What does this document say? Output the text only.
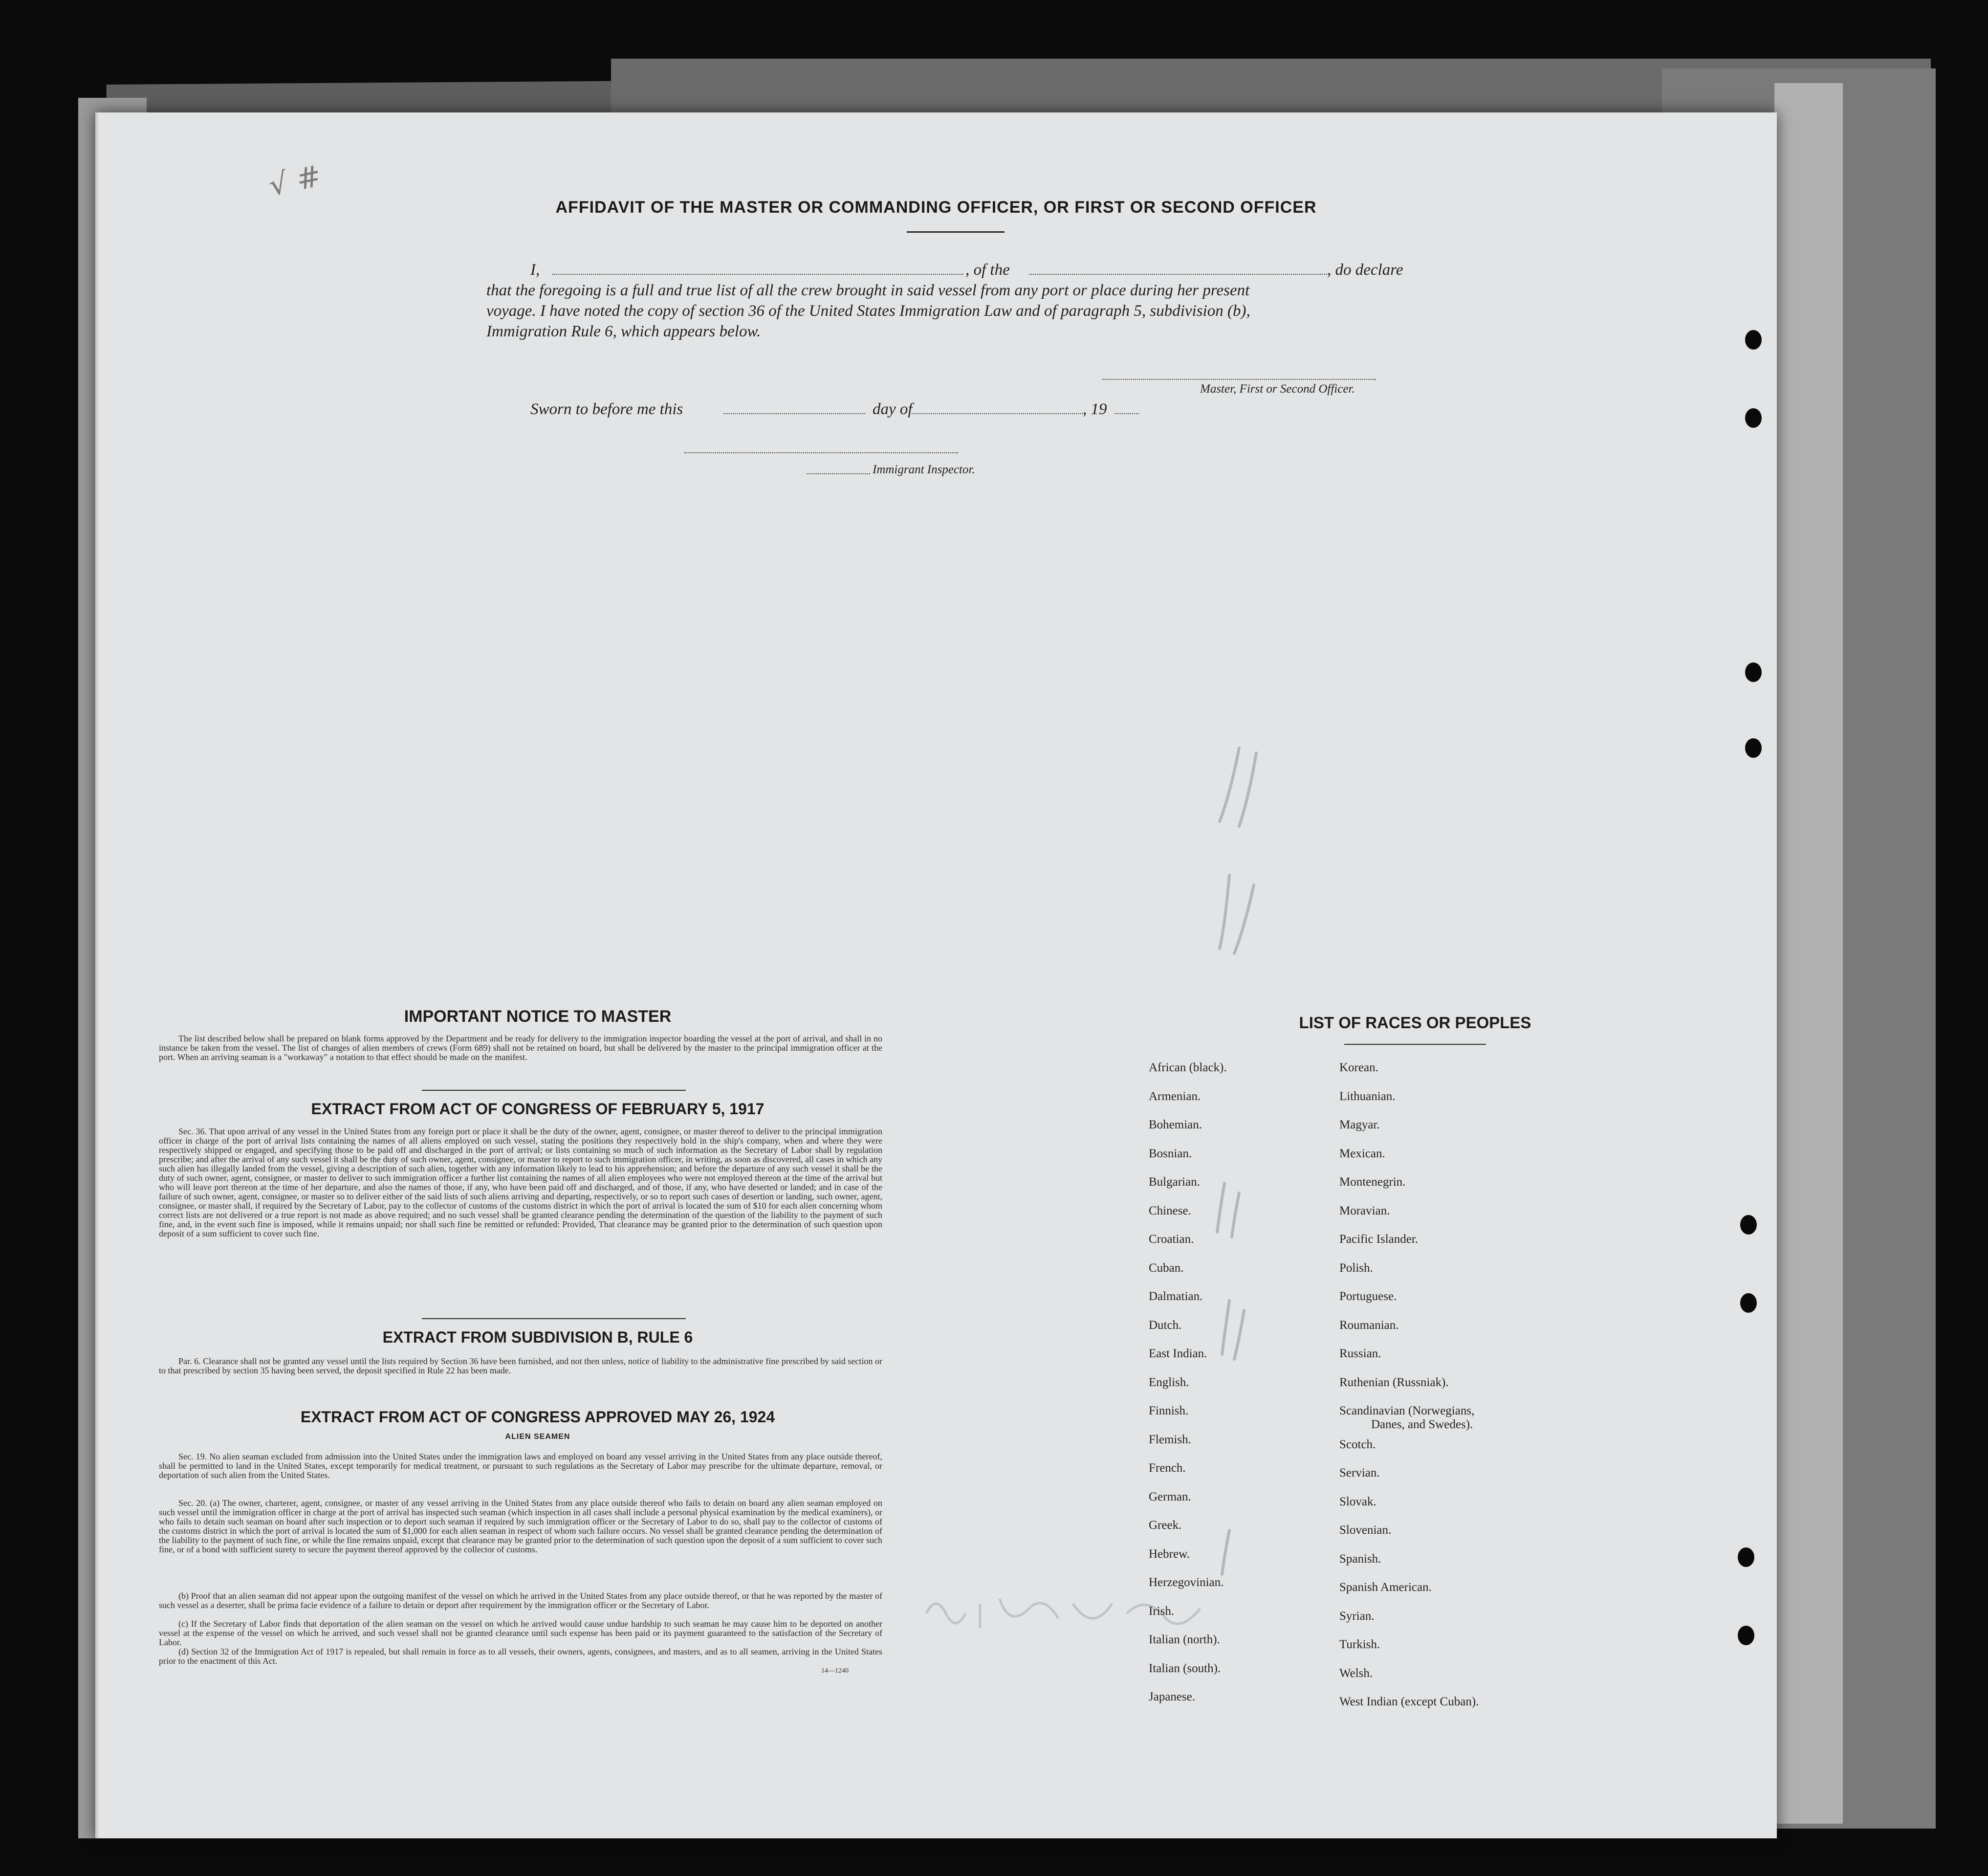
√ #
AFFIDAVIT OF THE MASTER OR COMMANDING OFFICER, OR FIRST OR SECOND OFFICER
I,	, of the	, do declare
that the foregoing is a full and true list of all the crew brought in said vessel from any port or place during her present
voyage. I have noted the copy of section 36 of the United States Immigration Law and of paragraph 5, subdivision (b),
Immigration Rule 6, which appears below.
Master, First or Second Officer.
Sworn to before me this	day of	, 19
Immigrant Inspector.
IMPORTANT NOTICE TO MASTER
The list described below shall be prepared on blank forms approved by the Department and be ready for delivery to the immigration inspector boarding the vessel at the port of arrival, and shall in no instance be taken from the vessel. The list of changes of alien members of crews (Form 689) shall not be retained on board, but shall be delivered by the master to the principal immigration officer at the port. When an arriving seaman is a "workaway" a notation to that effect should be made on the manifest.
EXTRACT FROM ACT OF CONGRESS OF FEBRUARY 5, 1917
Sec. 36. That upon arrival of any vessel in the United States from any foreign port or place it shall be the duty of the owner, agent, consignee, or master thereof to deliver to the principal immigration officer in charge of the port of arrival lists containing the names of all aliens employed on such vessel, stating the positions they respectively hold in the ship's company, when and where they were respectively shipped or engaged, and specifying those to be paid off and discharged in the port of arrival; or lists containing so much of such information as the Secretary of Labor shall by regulation prescribe; and after the arrival of any such vessel it shall be the duty of such owner, agent, consignee, or master to report to such immigration officer, in writing, as soon as discovered, all cases in which any such alien has illegally landed from the vessel, giving a description of such alien, together with any information likely to lead to his apprehension; and before the departure of any such vessel it shall be the duty of such owner, agent, consignee, or master to deliver to such immigration officer a further list containing the names of all alien employees who were not employed thereon at the time of the arrival but who will leave port thereon at the time of her departure, and also the names of those, if any, who have been paid off and discharged, and of those, if any, who have deserted or landed; and in case of the failure of such owner, agent, consignee, or master so to deliver either of the said lists of such aliens arriving and departing, respectively, or so to report such cases of desertion or landing, such owner, agent, consignee, or master shall, if required by the Secretary of Labor, pay to the collector of customs of the customs district in which the port of arrival is located the sum of $10 for each alien concerning whom correct lists are not delivered or a true report is not made as above required; and no such vessel shall be granted clearance pending the determination of the question of the liability to the payment of such fine, and, in the event such fine is imposed, while it remains unpaid; nor shall such fine be remitted or refunded: Provided, That clearance may be granted prior to the determination of such question upon deposit of a sum sufficient to cover such fine.
EXTRACT FROM SUBDIVISION B, RULE 6
Par. 6. Clearance shall not be granted any vessel until the lists required by Section 36 have been furnished, and not then unless, notice of liability to the administrative fine prescribed by said section or to that prescribed by section 35 having been served, the deposit specified in Rule 22 has been made.
EXTRACT FROM ACT OF CONGRESS APPROVED MAY 26, 1924
ALIEN SEAMEN
Sec. 19. No alien seaman excluded from admission into the United States under the immigration laws and employed on board any vessel arriving in the United States from any place outside thereof, shall be permitted to land in the United States, except temporarily for medical treatment, or pursuant to such regulations as the Secretary of Labor may prescribe for the ultimate departure, removal, or deportation of such alien from the United States.
Sec. 20. (a) The owner, charterer, agent, consignee, or master of any vessel arriving in the United States from any place outside thereof who fails to detain on board any alien seaman employed on such vessel until the immigration officer in charge at the port of arrival has inspected such seaman (which inspection in all cases shall include a personal physical examination by the medical examiners), or who fails to detain such seaman on board after such inspection or to deport such seaman if required by such immigration officer or the Secretary of Labor to do so, shall pay to the collector of customs of the customs district in which the port of arrival is located the sum of $1,000 for each alien seaman in respect of whom such failure occurs. No vessel shall be granted clearance pending the determination of the liability to the payment of such fine, or while the fine remains unpaid, except that clearance may be granted prior to the determination of such question upon the deposit of a sum sufficient to cover such fine, or of a bond with sufficient surety to secure the payment thereof approved by the collector of customs.
(b) Proof that an alien seaman did not appear upon the outgoing manifest of the vessel on which he arrived in the United States from any place outside thereof, or that he was reported by the master of such vessel as a deserter, shall be prima facie evidence of a failure to detain or deport after requirement by the immigration officer or the Secretary of Labor.
(c) If the Secretary of Labor finds that deportation of the alien seaman on the vessel on which he arrived would cause undue hardship to such seaman he may cause him to be deported on another vessel at the expense of the vessel on which he arrived, and such vessel shall not be granted clearance until such expense has been paid or its payment guaranteed to the satisfaction of the Secretary of Labor.
(d) Section 32 of the Immigration Act of 1917 is repealed, but shall remain in force as to all vessels, their owners, agents, consignees, and masters, and as to all seamen, arriving in the United States prior to the enactment of this Act.
14—1240
LIST OF RACES OR PEOPLES
Danes, and Swedes).
African (black).
Armenian.
Bohemian.
Bosnian.
Bulgarian.
Chinese.
Croatian.
Cuban.
Dalmatian.
Dutch.
East Indian.
English.
Finnish.
Flemish.
French.
German.
Greek.
Hebrew.
Herzegovinian.
Irish.
Italian (north).
Italian (south).
Japanese.
Korean.
Lithuanian.
Magyar.
Mexican.
Montenegrin.
Moravian.
Pacific Islander.
Polish.
Portuguese.
Roumanian.
Russian.
Ruthenian (Russniak).
Scandinavian (Norwegians,
Scotch.
Servian.
Slovak.
Slovenian.
Spanish.
Spanish American.
Syrian.
Turkish.
Welsh.
West Indian (except Cuban).
